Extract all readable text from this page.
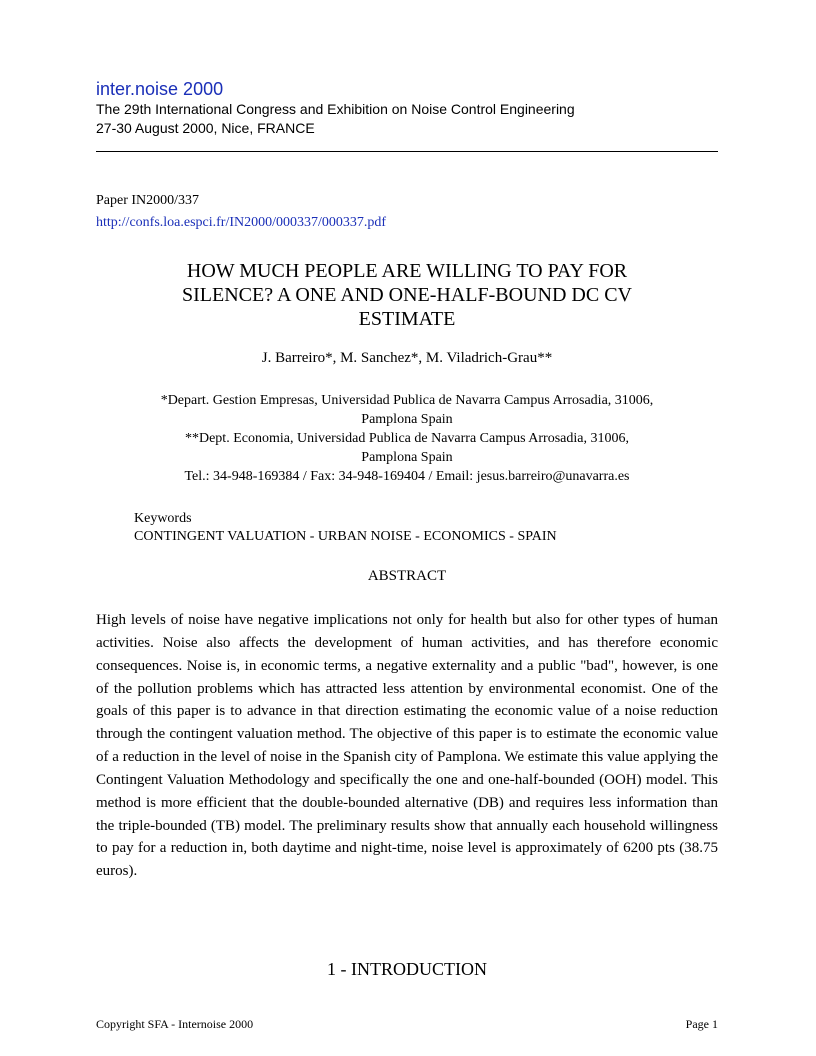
inter.noise 2000
The 29th International Congress and Exhibition on Noise Control Engineering
27-30 August 2000, Nice, FRANCE
Paper IN2000/337
http://confs.loa.espci.fr/IN2000/000337/000337.pdf
HOW MUCH PEOPLE ARE WILLING TO PAY FOR
SILENCE? A ONE AND ONE-HALF-BOUND DC CV
ESTIMATE
J. Barreiro*, M. Sanchez*, M. Viladrich-Grau**
*Depart. Gestion Empresas, Universidad Publica de Navarra Campus Arrosadia, 31006,
Pamplona Spain
**Dept. Economia, Universidad Publica de Navarra Campus Arrosadia, 31006,
Pamplona Spain
Tel.: 34-948-169384 / Fax: 34-948-169404 / Email: jesus.barreiro@unavarra.es
Keywords
CONTINGENT VALUATION - URBAN NOISE - ECONOMICS - SPAIN
ABSTRACT

High levels of noise have negative implications not only for health but also for other types of human activities. Noise also affects the development of human activities, and has therefore economic consequences. Noise is, in economic terms, a negative externality and a public "bad", however, is one of the pollution problems which has attracted less attention by environmental economist. One of the goals of this paper is to advance in that direction estimating the economic value of a noise reduction through the contingent valuation method. The objective of this paper is to estimate the economic value of a reduction in the level of noise in the Spanish city of Pamplona. We estimate this value applying the Contingent Valuation Methodology and specifically the one and one-half-bounded (OOH) model. This method is more efficient that the double-bounded alternative (DB) and requires less information than the triple-bounded (TB) model. The preliminary results show that annually each household willingness to pay for a reduction in, both daytime and night-time, noise level is approximately of 6200 pts (38.75 euros).

1 - INTRODUCTION
Copyright SFA - Internoise 2000	Page 1
